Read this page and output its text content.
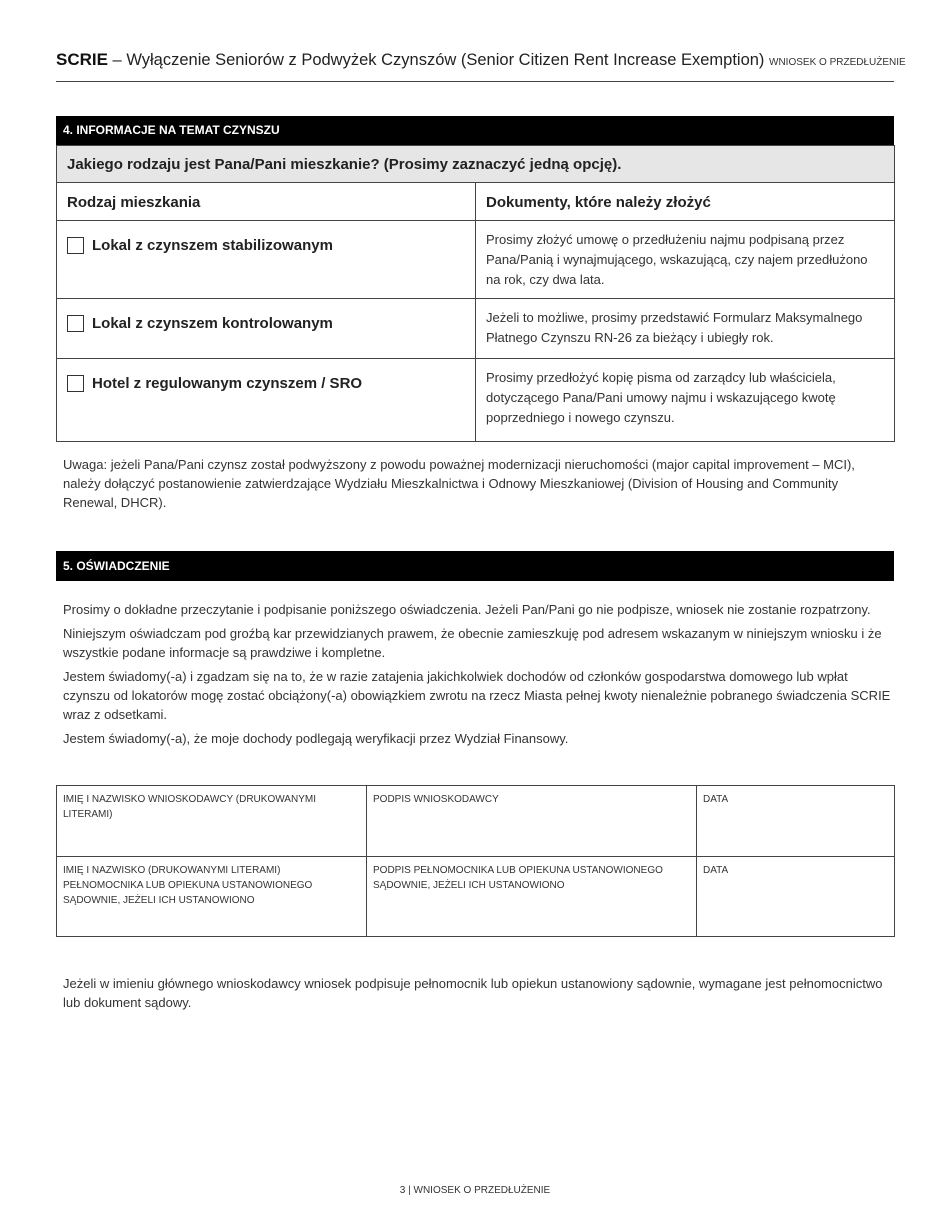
SCRIE – Wyłączenie Seniorów z Podwyżek Czynszów (Senior Citizen Rent Increase Exemption) WNIOSEK O PRZEDŁUŻENIE
4. INFORMACJE NA TEMAT CZYNSZU
Jakiego rodzaju jest Pana/Pani mieszkanie? (Prosimy zaznaczyć jedną opcję).	
Rodzaj mieszkania	Dokumenty, które należy złożyć
Lokal z czynszem stabilizowanym	Prosimy złożyć umowę o przedłużeniu najmu podpisaną przez Pana/Panią i wynajmującego, wskazującą, czy najem przedłużono na rok, czy dwa lata.
Lokal z czynszem kontrolowanym	Jeżeli to możliwe, prosimy przedstawić Formularz Maksymalnego Płatnego Czynszu RN-26 za bieżący i ubiegły rok.
Hotel z regulowanym czynszem / SRO	Prosimy przedłożyć kopię pisma od zarządcy lub właściciela, dotyczącego Pana/Pani umowy najmu i wskazującego kwotę poprzedniego i nowego czynszu.
Uwaga: jeżeli Pana/Pani czynsz został podwyższony z powodu poważnej modernizacji nieruchomości (major capital improvement – MCI), należy dołączyć postanowienie zatwierdzające Wydziału Mieszkalnictwa i Odnowy Mieszkaniowej (Division of Housing and Community Renewal, DHCR).
5. OŚWIADCZENIE

Prosimy o dokładne przeczytanie i podpisanie poniższego oświadczenia. Jeżeli Pan/Pani go nie podpisze, wniosek nie zostanie rozpatrzony.

Niniejszym oświadczam pod groźbą kar przewidzianych prawem, że obecnie zamieszkuję pod adresem wskazanym w niniejszym wniosku i że wszystkie podane informacje są prawdziwe i kompletne.

Jestem świadomy(-a) i zgadzam się na to, że w razie zatajenia jakichkolwiek dochodów od członków gospodarstwa domowego lub wpłat czynszu od lokatorów mogę zostać obciążony(-a) obowiązkiem zwrotu na rzecz Miasta pełnej kwoty nienależnie pobranego świadczenia SCRIE wraz z odsetkami.

Jestem świadomy(-a), że moje dochody podlegają weryfikacji przez Wydział Finansowy.

IMIĘ I NAZWISKO WNIOSKODAWCY (DRUKOWANYMI LITERAMI)	PODPIS WNIOSKODAWCY	DATA
IMIĘ I NAZWISKO (DRUKOWANYMI LITERAMI) PEŁNOMOCNIKA LUB OPIEKUNA USTANOWIONEGO SĄDOWNIE, JEŻELI ICH USTANOWIONO	PODPIS PEŁNOMOCNIKA LUB OPIEKUNA USTANOWIONEGO SĄDOWNIE, JEŻELI ICH USTANOWIONO	DATA
Jeżeli w imieniu głównego wnioskodawcy wniosek podpisuje pełnomocnik lub opiekun ustanowiony sądownie, wymagane jest pełnomocnictwo lub dokument sądowy.
3 | WNIOSEK O PRZEDŁUŻENIE
